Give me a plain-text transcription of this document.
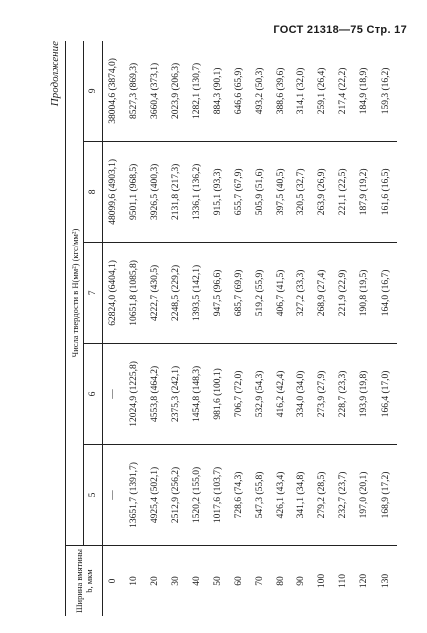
ГОСТ 21318—75 Стр. 17
Продолжение
Ширина вмятины b, мкм	Числа твердости в Н(мм²) (кгс/мм²)				
	5	6	7	8	9
0	—	—	62824,0 (6404,1)	48099,6 (4903,1)	38004,6 (3874,0)
10	13651,7 (1391,7)	12024,9 (1225,8)	10651,8 (1085,8)	9501,1 (968,5)	8527,3 (869,3)
20	4925,4 (502,1)	4553,8 (464,2)	4222,7 (430,5)	3926,5 (400,3)	3660,4 (373,1)
30	2512,9 (256,2)	2375,3 (242,1)	2248,5 (229,2)	2131,8 (217,3)	2023,9 (206,3)
40	1520,2 (155,0)	1454,8 (148,3)	1393,5 (142,1)	1336,1 (136,2)	1282,1 (130,7)
50	1017,6 (103,7)	981,6 (100,1)	947,5 (96,6)	915,1 (93,3)	884,3 (90,1)
60	728,6 (74,3)	706,7 (72,0)	685,7 (69,9)	655,7 (67,9)	646,6 (65,9)
70	547,3 (55,8)	532,9 (54,3)	519,2 (55,9)	505,9 (51,6)	493,2 (50,3)
80	426,1 (43,4)	416,2 (42,4)	406,7 (41,5)	397,5 (40,5)	388,6 (39,6)
90	341,1 (34,8)	334,0 (34,0)	327,2 (33,3)	320,5 (32,7)	314,1 (32,0)
100	279,2 (28,5)	273,9 (27,9)	268,9 (27,4)	263,9 (26,9)	259,1 (26,4)
110	232,7 (23,7)	228,7 (23,3)	221,9 (22,9)	221,1 (22,5)	217,4 (22,2)
120	197,0 (20,1)	193,9 (19,8)	190,8 (19,5)	187,9 (19,2)	184,9 (18,9)
130	168,9 (17,2)	166,4 (17,0)	164,0 (16,7)	161,6 (16,5)	159,3 (16,2)
